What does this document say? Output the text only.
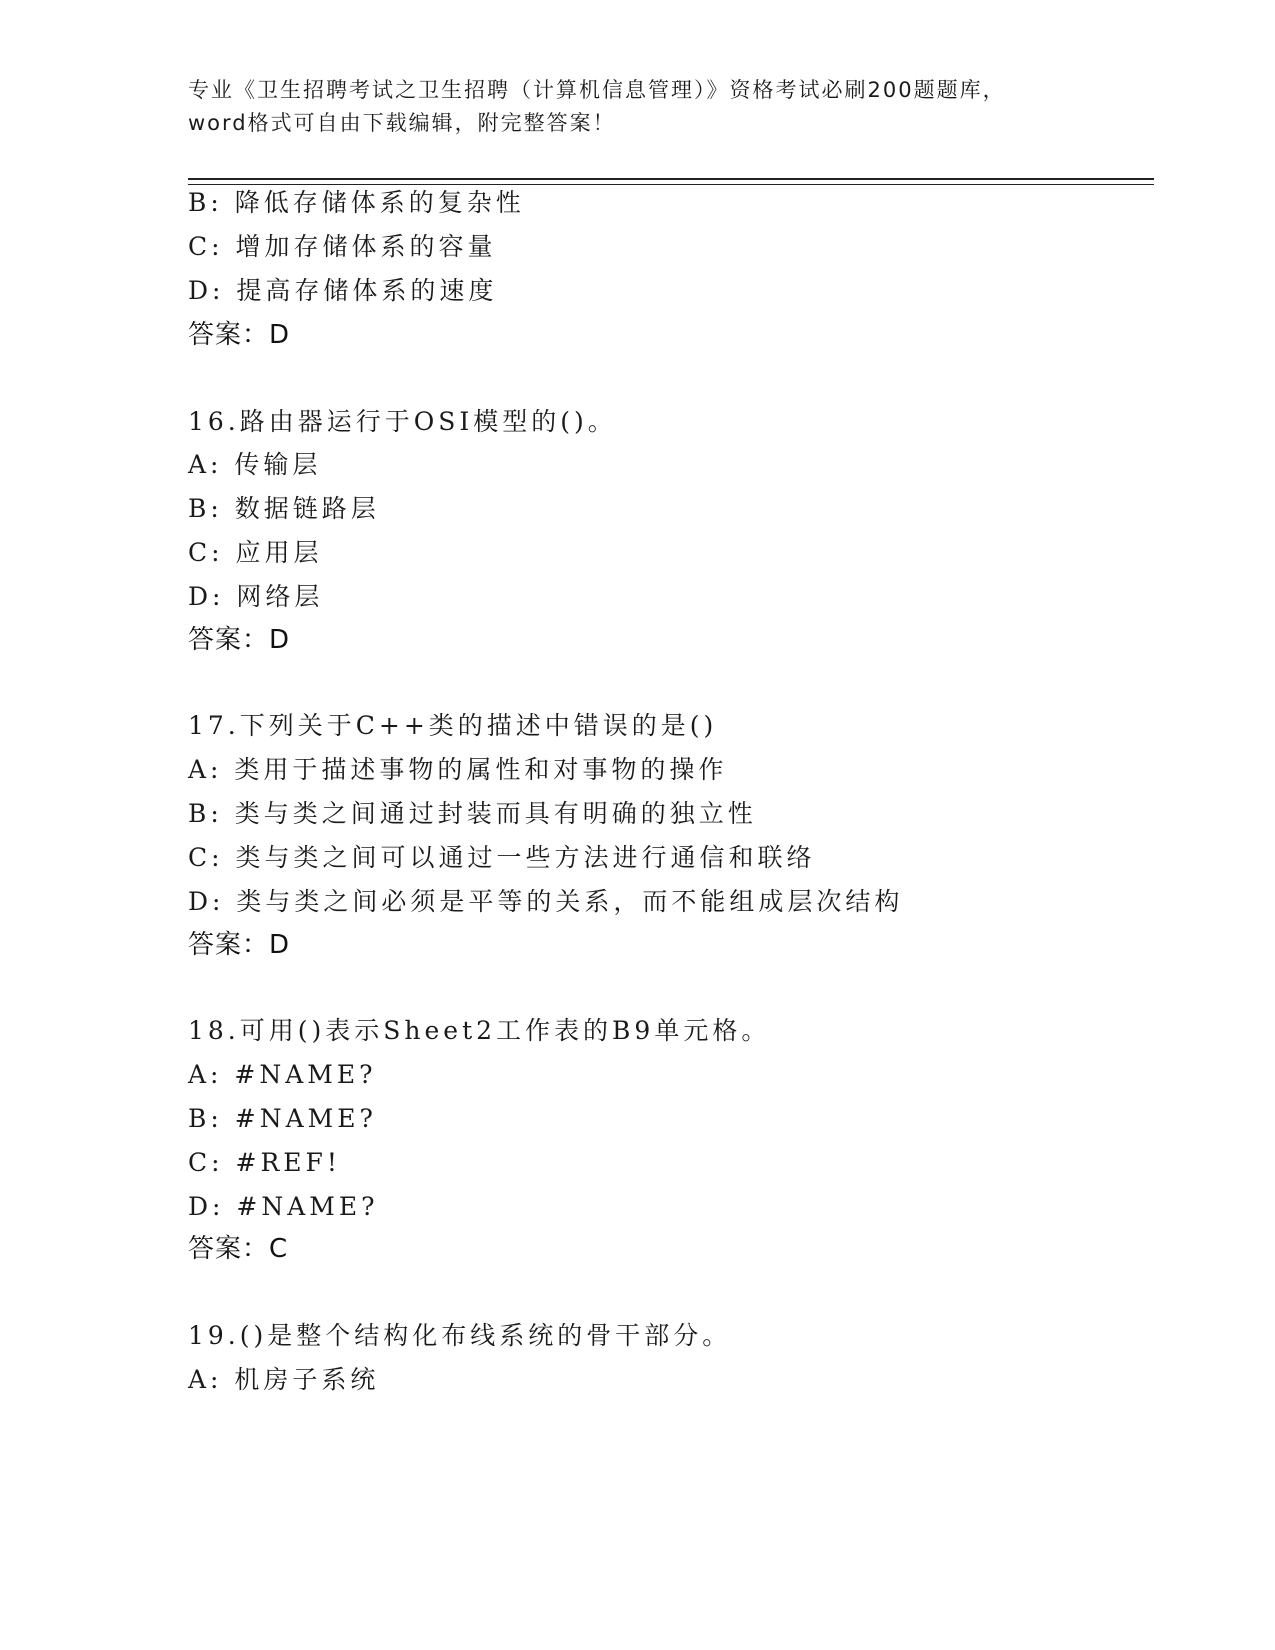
专业《卫生招聘考试之卫生招聘（计算机信息管理）》资格考试必刷200题题库，
word格式可自由下载编辑，附完整答案！
B: 降低存储体系的复杂性
C: 增加存储体系的容量
D: 提高存储体系的速度
答案：D
16.路由器运行于OSI模型的()。
A: 传输层
B: 数据链路层
C: 应用层
D: 网络层
答案：D
17.下列关于C++类的描述中错误的是()
A: 类用于描述事物的属性和对事物的操作
B: 类与类之间通过封装而具有明确的独立性
C: 类与类之间可以通过一些方法进行通信和联络
D: 类与类之间必须是平等的关系，而不能组成层次结构
答案：D
18.可用()表示Sheet2工作表的B9单元格。
A: #NAME?
B: #NAME?
C: #REF!
D: #NAME?
答案：C
19.()是整个结构化布线系统的骨干部分。
A: 机房子系统
